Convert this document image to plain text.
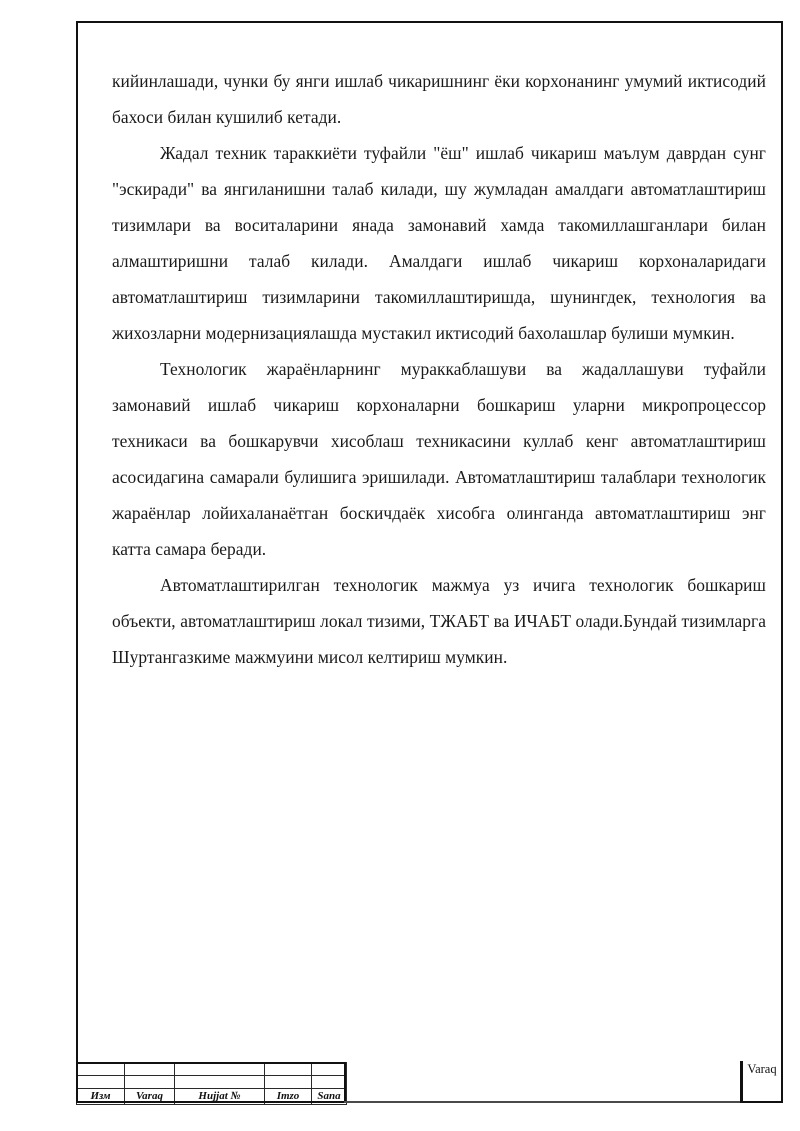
кийинлашади, чунки бу янги ишлаб чикаришнинг ёки корхонанинг умумий иктисодий бахоси билан кушилиб кетади.

Жадал техник тараккиёти туфайли "ёш" ишлаб чикариш маълум даврдан сунг "эскиради" ва янгиланишни талаб килади, шу жумладан амалдаги автоматлаштириш тизимлари ва воситаларини янада замонавий хамда такомиллашганлари билан алмаштиришни талаб килади. Амалдаги ишлаб чикариш корхоналаридаги автоматлаштириш тизимларини такомиллаштиришда, шунингдек, технология ва жихозларни модернизациялашда мустакил иктисодий бахолашлар булиши мумкин.

Технологик жараёнларнинг мураккаблашуви ва жадаллашуви туфайли замонавий ишлаб чикариш корхоналарни бошкариш уларни микропроцессор техникаси ва бошкарувчи хисоблаш техникасини куллаб кенг автоматлаштириш асосидагина самарали булишига эришилади. Автоматлаштириш талаблари технологик жараёнлар лойихаланаётган боскичдаёк хисобга олинганда автоматлаштириш энг катта самара беради.

Автоматлаштирилган технологик мажмуа уз ичига технологик бошкариш объекти, автоматлаштириш локал тизими, ТЖАБТ ва ИЧАБТ олади.Бундай тизимларга Шуртангазкиме мажмуини мисол келтириш мумкин.

Изм	Varaq	Hujjat №	Imzo	Sana
Varaq
